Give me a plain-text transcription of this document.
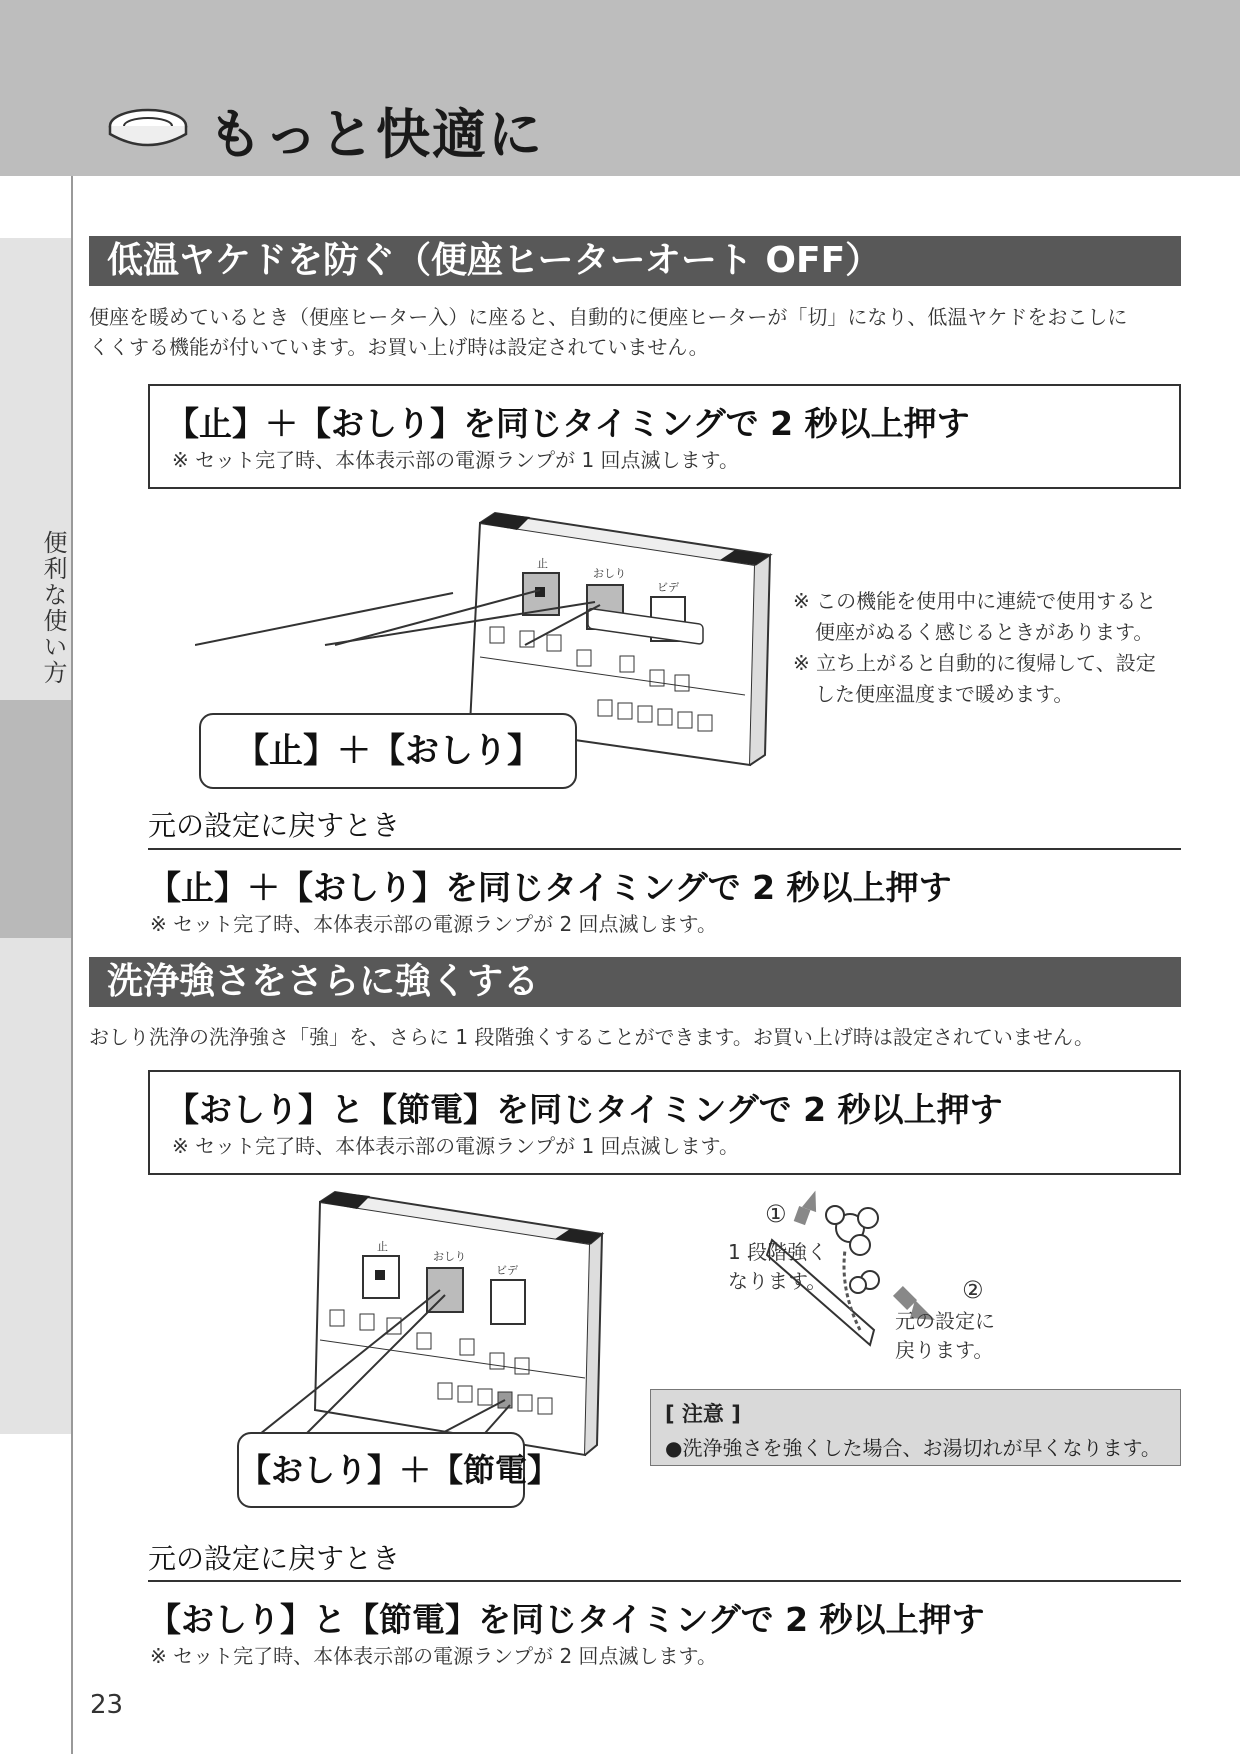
もっと快適に
便利な使い方
低温ヤケドを防ぐ（便座ヒーターオート OFF）
便座を暖めているとき（便座ヒーター入）に座ると、自動的に便座ヒーターが「切」になり、低温ヤケドをおこしに
くくする機能が付いています。お買い上げ時は設定されていません。
【止】＋【おしり】を同じタイミングで 2 秒以上押す
※ セット完了時、本体表示部の電源ランプが 1 回点滅します。
止
おしり
ビデ
【止】＋【おしり】
※ この機能を使用中に連続で使用すると
便座がぬるく感じるときがあります。
※ 立ち上がると自動的に復帰して、設定
した便座温度まで暖めます。
元の設定に戻すとき
【止】＋【おしり】を同じタイミングで 2 秒以上押す
※ セット完了時、本体表示部の電源ランプが 2 回点滅します。
洗浄強さをさらに強くする
おしり洗浄の洗浄強さ「強」を、さらに 1 段階強くすることができます。お買い上げ時は設定されていません。
【おしり】と【節電】を同じタイミングで 2 秒以上押す
※ セット完了時、本体表示部の電源ランプが 1 回点滅します。
止
おしり
ビデ
【おしり】＋【節電】
①
1 段階強く
なります。	②
元の設定に
戻ります。
[ 注意 ]
●洗浄強さを強くした場合、お湯切れが早くなります。
元の設定に戻すとき
【おしり】と【節電】を同じタイミングで 2 秒以上押す
※ セット完了時、本体表示部の電源ランプが 2 回点滅します。
23
